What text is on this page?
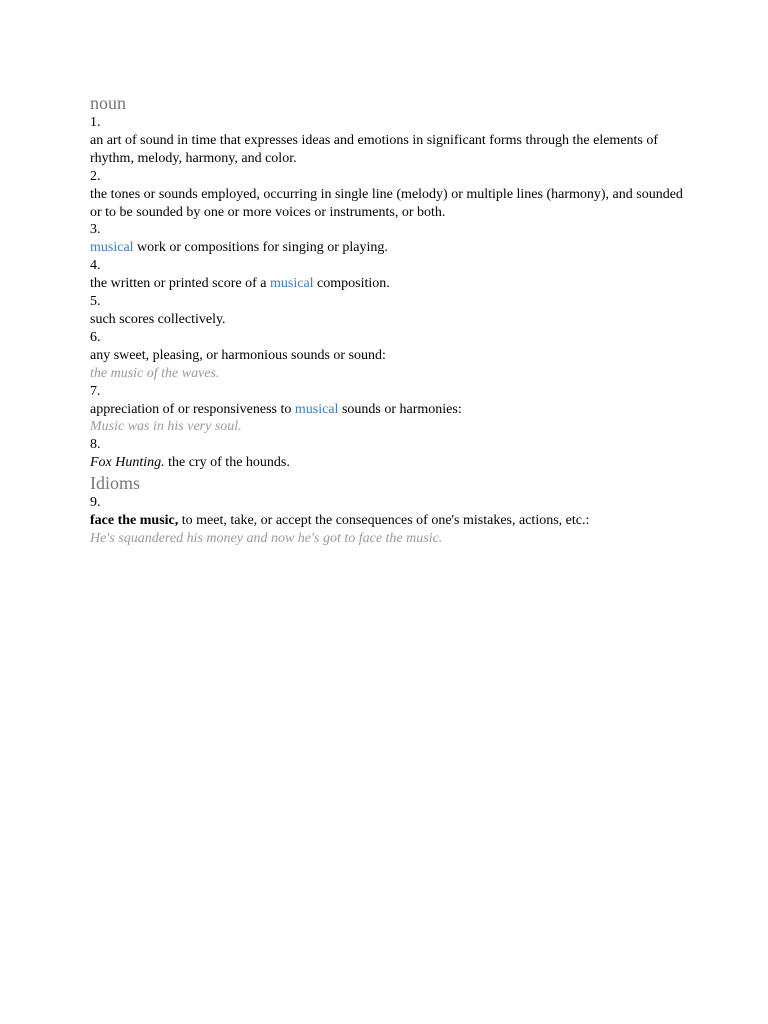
noun
1.
an art of sound in time that expresses ideas and emotions in significant forms through the elements of rhythm, melody, harmony, and color.
2.
the tones or sounds employed, occurring in single line (melody) or multiple lines (harmony), and sounded or to be sounded by one or more voices or instruments, or both.
3.
musical work or compositions for singing or playing.
4.
the written or printed score of a musical composition.
5.
such scores collectively.
6.
any sweet, pleasing, or harmonious sounds or sound:
the music of the waves.
7.
appreciation of or responsiveness to musical sounds or harmonies:
Music was in his very soul.
8.
Fox Hunting. the cry of the hounds.
Idioms
9.
face the music, to meet, take, or accept the consequences of one's mistakes, actions, etc.:
He's squandered his money and now he's got to face the music.
